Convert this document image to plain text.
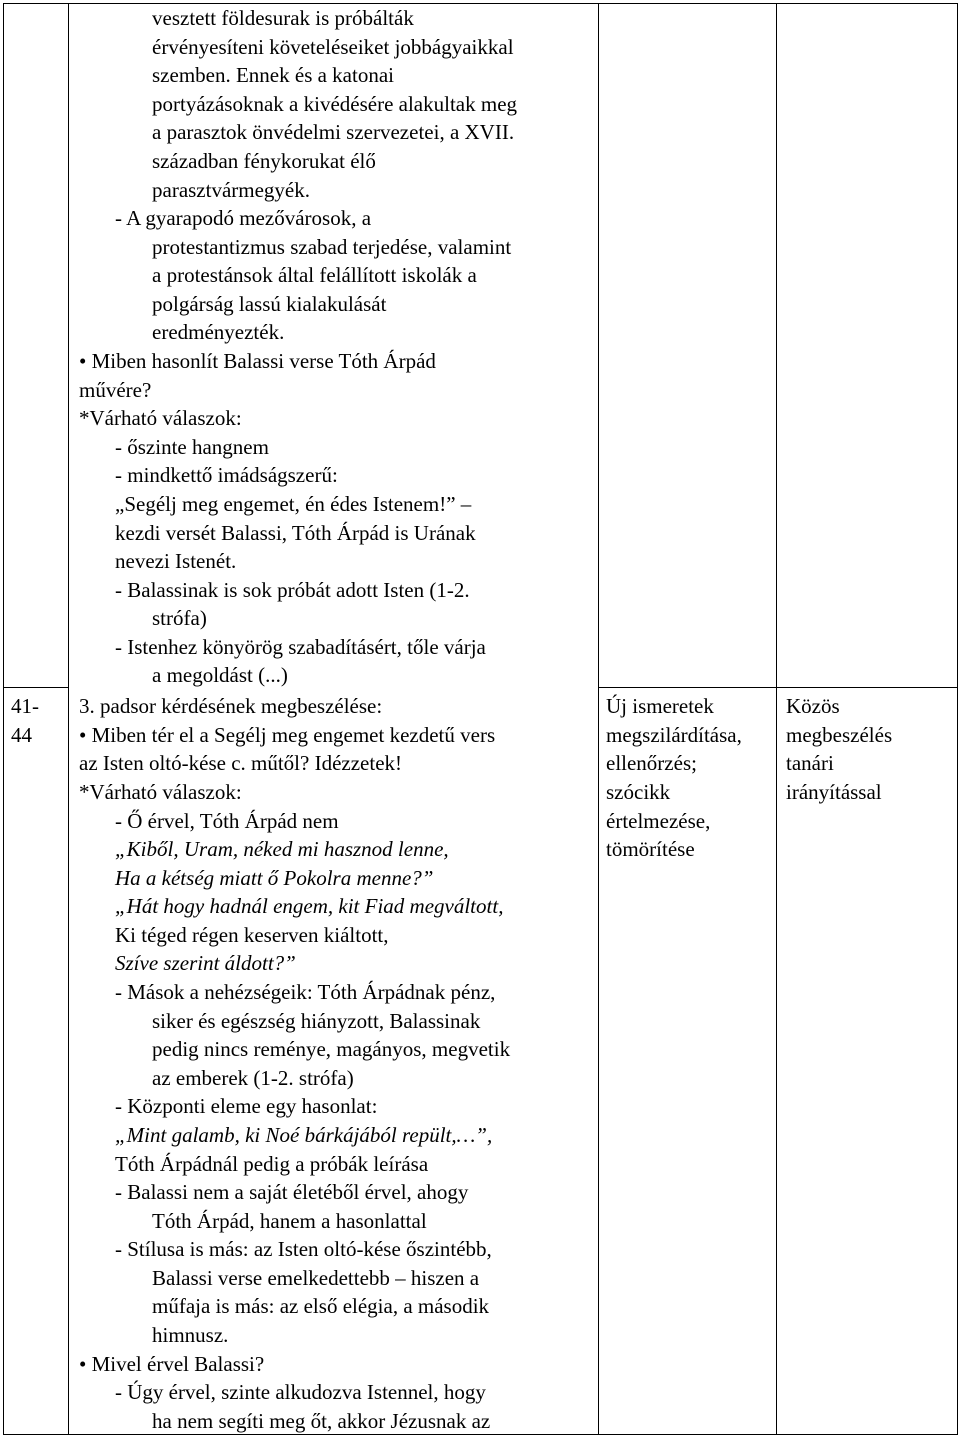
41-
44
vesztett földesurak is próbálták
érvényesíteni követeléseiket jobbágyaikkal
szemben. Ennek és a katonai
portyázásoknak a kivédésére alakultak meg
a parasztok önvédelmi szervezetei, a XVII.
században fénykorukat élő
parasztvármegyék.
- A gyarapodó mezővárosok, a
protestantizmus szabad terjedése, valamint
a protestánsok által felállított iskolák a
polgárság lassú kialakulását
eredményezték.
• Miben hasonlít Balassi verse Tóth Árpád
művére?
*Várható válaszok:
- őszinte hangnem
- mindkettő imádságszerű:
„Segélj meg engemet, én édes Istenem!” –
kezdi versét Balassi, Tóth Árpád is Urának
nevezi Istenét.
- Balassinak is sok próbát adott Isten (1-2.
strófa)
- Istenhez könyörög szabadításért, tőle várja
a megoldást (...)
3. padsor kérdésének megbeszélése:
• Miben tér el a Segélj meg engemet kezdetű vers
az Isten oltó-kése c. műtől? Idézzetek!
*Várható válaszok:
- Ő érvel, Tóth Árpád nem
„Kiből, Uram, néked mi hasznod lenne,
Ha a kétség miatt ő Pokolra menne?”
„Hát hogy hadnál engem, kit Fiad megváltott,
Ki téged régen keserven kiáltott,
Szíve szerint áldott?”
- Mások a nehézségeik: Tóth Árpádnak pénz,
siker és egészség hiányzott, Balassinak
pedig nincs reménye, magányos, megvetik
az emberek (1-2. strófa)
- Központi eleme egy hasonlat:
„Mint galamb, ki Noé bárkájából repült,…”,
Tóth Árpádnál pedig a próbák leírása
- Balassi nem a saját életéből érvel, ahogy
Tóth Árpád, hanem a hasonlattal
- Stílusa is más: az Isten oltó-kése őszintébb,
Balassi verse emelkedettebb – hiszen a
műfaja is más: az első elégia, a második
himnusz.
• Mivel érvel Balassi?
- Úgy érvel, szinte alkudozva Istennel, hogy
ha nem segíti meg őt, akkor Jézusnak az
Új ismeretek
megszilárdítása,
ellenőrzés;
szócikk
értelmezése,
tömörítése
Közös
megbeszélés
tanári
irányítással
